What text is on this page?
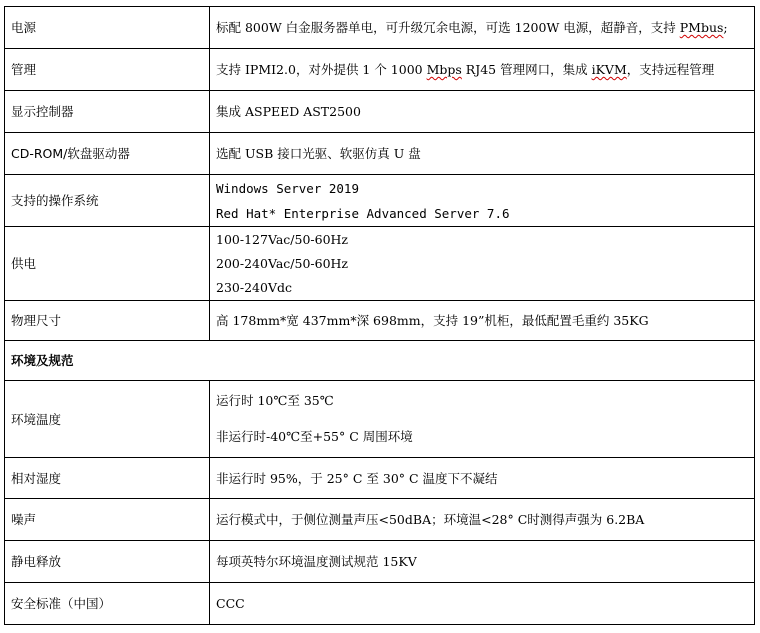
电源	标配 800W 白金服务器单电，可升级冗余电源，可选 1200W 电源，超静音，支持 PMbus;
管理	支持 IPMI2.0，对外提供 1 个 1000 Mbps RJ45 管理网口，集成 iKVM，支持远程管理
显示控制器	集成 ASPEED AST2500
CD-ROM/软盘驱动器	选配 USB 接口光驱、软驱仿真 U 盘
支持的操作系统	Windows Server 2019
Red Hat* Enterprise Advanced Server 7.6

供电	100-127Vac/50-60Hz
200-240Vac/50-60Hz
230-240Vdc

物理尺寸	高 178mm*宽 437mm*深 698mm，支持 19”机柜，最低配置毛重约 35KG
环境及规范	
环境温度	运行时 10℃至 35℃
非运行时-40℃至+55° C 周围环境

相对湿度	非运行时 95%，于 25° C 至 30° C 温度下不凝结
噪声	运行模式中，于侧位测量声压<50dBA；环境温<28° C时测得声强为 6.2BA
静电释放	每项英特尔环境温度测试规范 15KV
安全标准（中国）	CCC
